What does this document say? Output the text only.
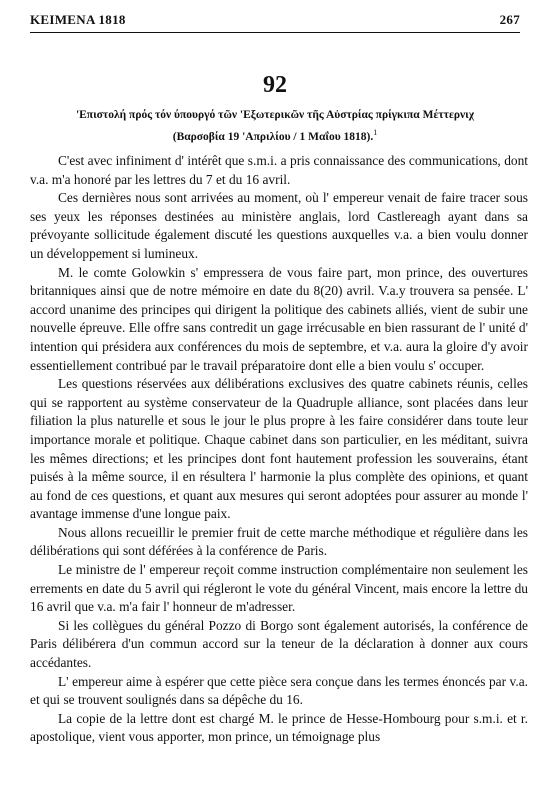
KEIMENA 1818	267
92
'Επιστολή πρός τόν ύπουργό τῶν 'Εξωτερικῶν τῆς Αὐστρίας πρίγκιπα Μέττερνιχ
(Βαρσοβία 19 'Απριλίου / 1 Μαΐου 1818).$^1$

C'est avec infiniment d' intérêt que s.m.i. a pris connaissance des communications, dont v.a. m'a honoré par les lettres du 7 et du 16 avril.

Ces dernières nous sont arrivées au moment, où l' empereur venait de faire tracer sous ses yeux les réponses destinées au ministère anglais, lord Castlereagh ayant dans sa prévoyante sollicitude également discuté les questions auxquelles v.a. a bien voulu donner un développement si lumineux.

M. le comte Golowkin s' empressera de vous faire part, mon prince, des ouvertures britanniques ainsi que de notre mémoire en date du 8(20) avril. V.a.y trouvera sa pensée. L' accord unanime des principes qui dirigent la politique des cabinets alliés, vient de subir une nouvelle épreuve. Elle offre sans contredit un gage irrécusable en bien rassurant de l' unité d' intention qui présidera aux conférences du mois de septembre, et v.a. aura la gloire d'y avoir essentiellement contribué par le travail préparatoire dont elle a bien voulu s' occuper.

Les questions réservées aux délibérations exclusives des quatre cabinets réunis, celles qui se rapportent au système conservateur de la Quadruple alliance, sont placées dans leur filiation la plus naturelle et sous le jour le plus propre à les faire considérer dans toute leur importance morale et politique. Chaque cabinet dans son particulier, en les méditant, suivra les mêmes directions; et les principes dont font hautement profession les souverains, étant puisés à la même source, il en résultera l' harmonie la plus complète des opinions, et quant au fond de ces questions, et quant aux mesures qui seront adoptées pour assurer au monde l' avantage immense d'une longue paix.

Nous allons recueillir le premier fruit de cette marche méthodique et régulière dans les délibérations qui sont déférées à la conférence de Paris.

Le ministre de l' empereur reçoit comme instruction complémentaire non seulement les errements en date du 5 avril qui régleront le vote du général Vincent, mais encore la lettre du 16 avril que v.a. m'a fair l' honneur de m'adresser.

Si les collègues du général Pozzo di Borgo sont également autorisés, la conférence de Paris délibérera d'un commun accord sur la teneur de la déclaration à donner aux cours accédantes.

L' empereur aime à espérer que cette pièce sera conçue dans les termes énoncés par v.a. et qui se trouvent soulignés dans sa dépêche du 16.

La copie de la lettre dont est chargé M. le prince de Hesse-Hombourg pour s.m.i. et r. apostolique, vient vous apporter, mon prince, un témoignage plus
